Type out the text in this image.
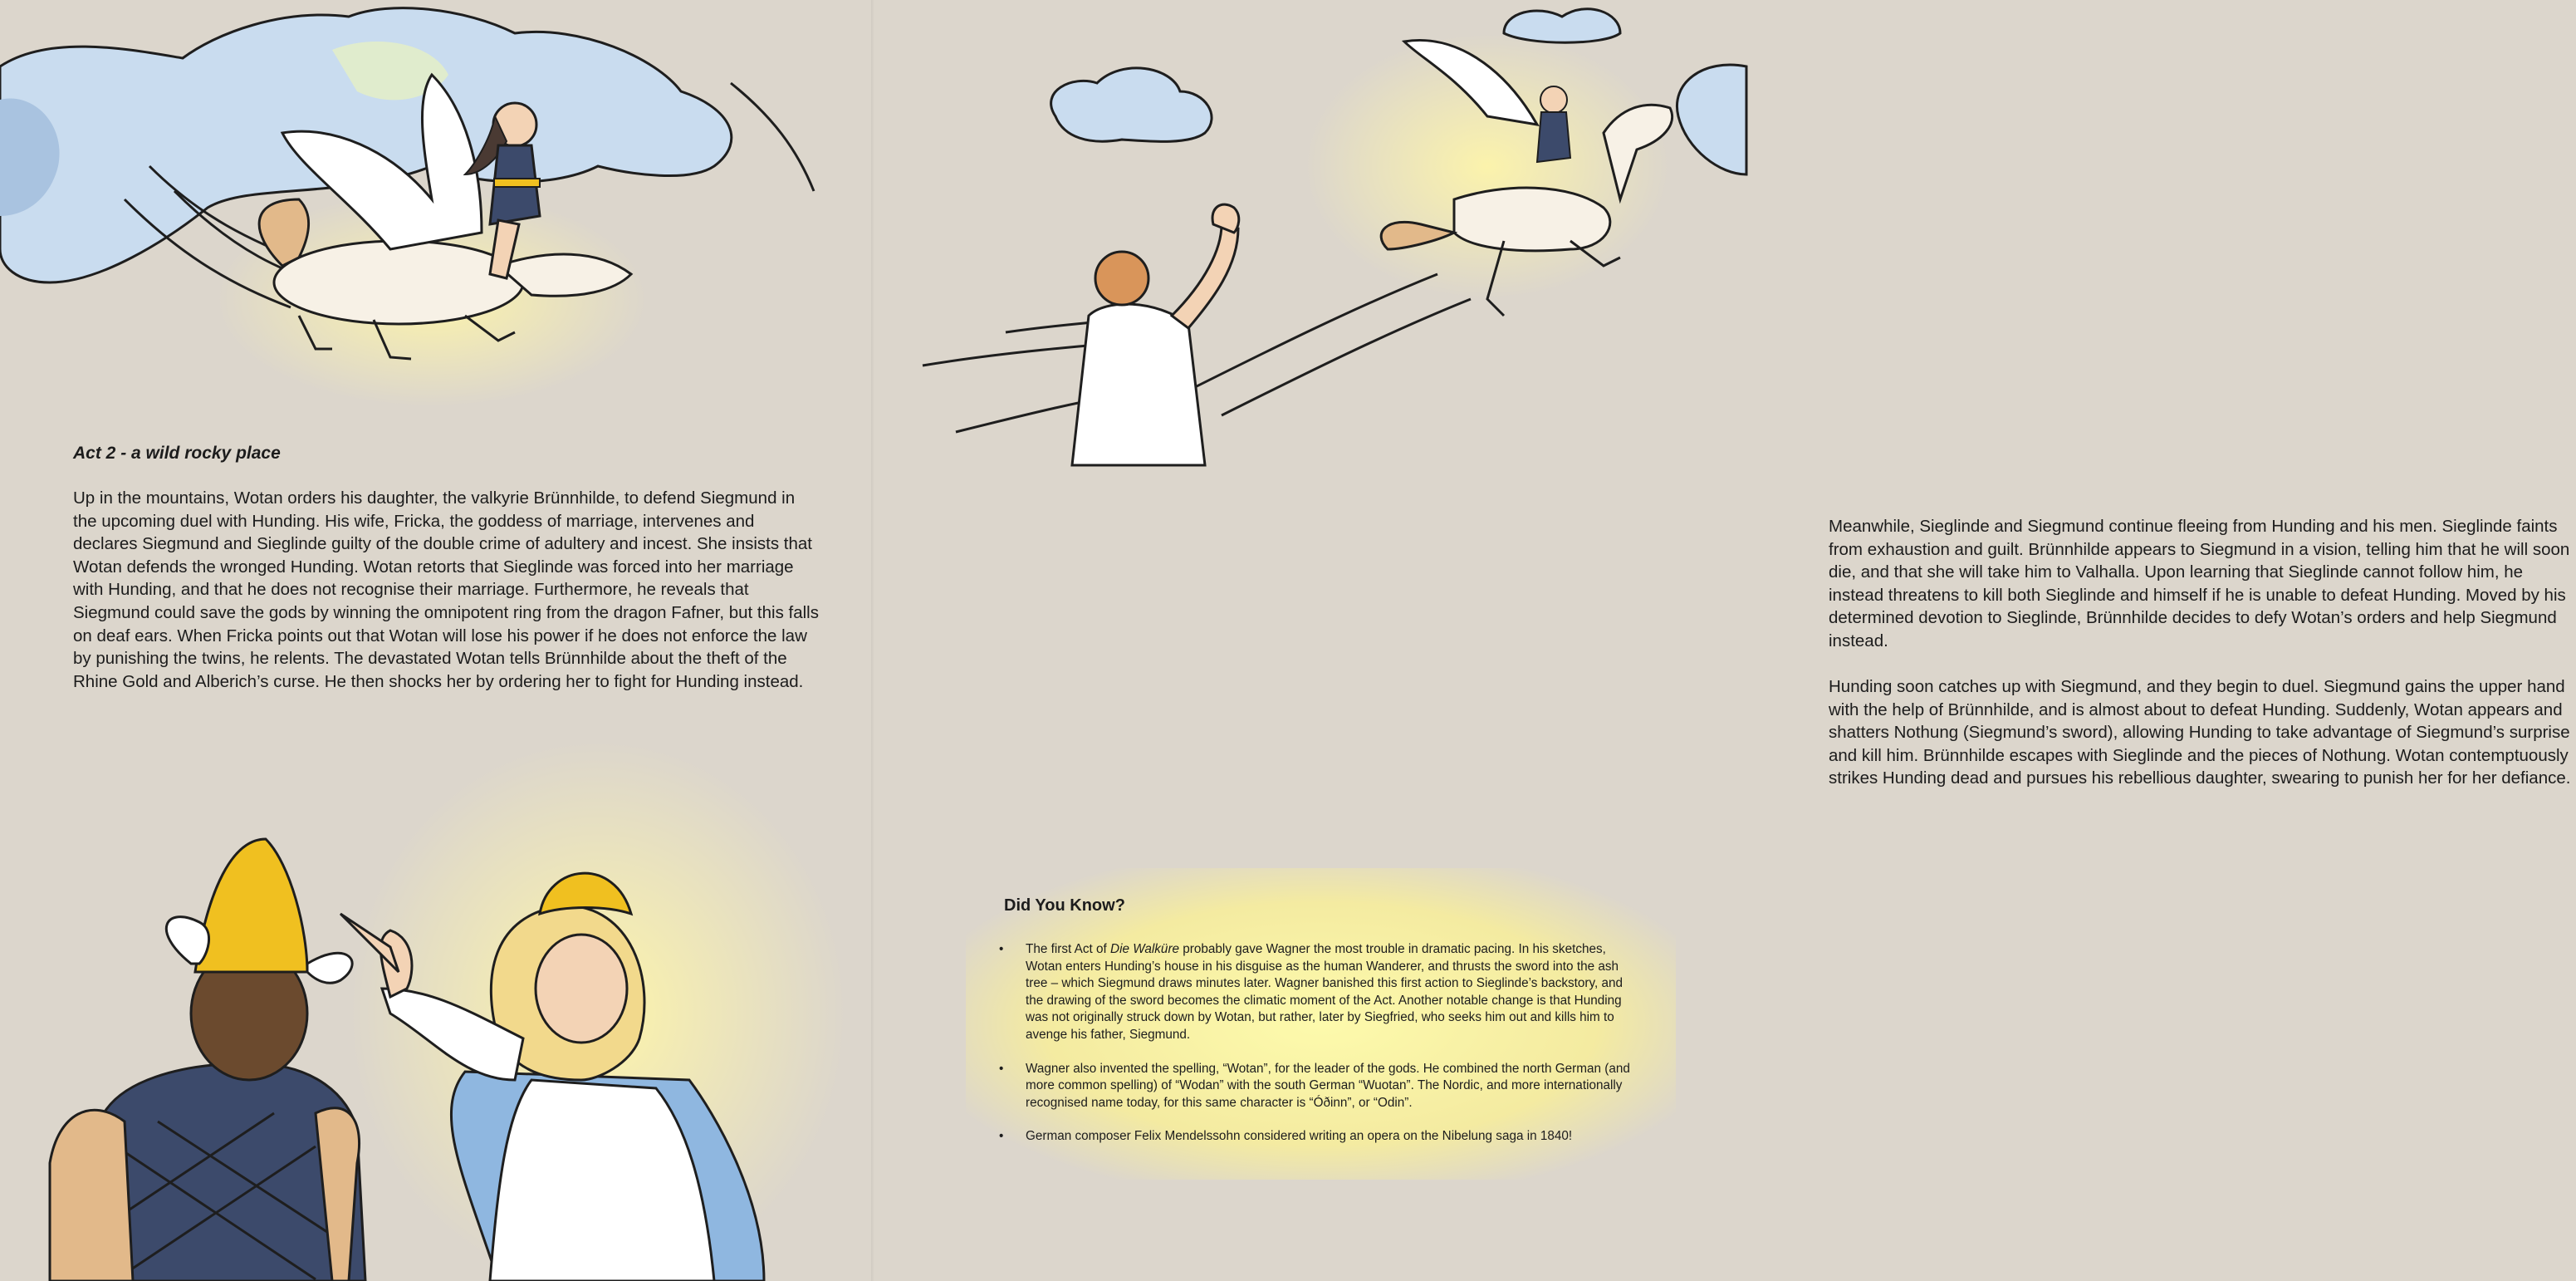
Act 2 - a wild rocky place

Up in the mountains, Wotan orders his daughter, the valkyrie Brünnhilde, to defend Siegmund in the upcoming duel with Hunding. His wife, Fricka, the goddess of marriage, intervenes and declares Siegmund and Sieglinde guilty of the double crime of adultery and incest. She insists that Wotan defends the wronged Hunding. Wotan retorts that Sieglinde was forced into her marriage with Hunding, and that he does not recognise their marriage. Furthermore, he reveals that Siegmund could save the gods by winning the omnipotent ring from the dragon Fafner, but this falls on deaf ears. When Fricka points out that Wotan will lose his power if he does not enforce the law by punishing the twins, he relents. The devastated Wotan tells Brünnhilde about the theft of the Rhine Gold and Alberich’s curse. He then shocks her by ordering her to fight for Hunding instead.

Meanwhile, Sieglinde and Siegmund continue fleeing from Hunding and his men. Sieglinde faints from exhaustion and guilt. Brünnhilde appears to Siegmund in a vision, telling him that he will soon die, and that she will take him to Valhalla. Upon learning that Sieglinde cannot follow him, he instead threatens to kill both Sieglinde and himself if he is unable to defeat Hunding. Moved by his determined devotion to Sieglinde, Brünnhilde decides to defy Wotan’s orders and help Siegmund instead.

Hunding soon catches up with Siegmund, and they begin to duel. Siegmund gains the upper hand with the help of Brünnhilde, and is almost about to defeat Hunding. Suddenly, Wotan appears and shatters Nothung (Siegmund’s sword), allowing Hunding to take advantage of Siegmund’s surprise and kill him. Brünnhilde escapes with Sieglinde and the pieces of Nothung. Wotan contemptuously strikes Hunding dead and pursues his rebellious daughter, swearing to punish her for her defiance.

Did You Know?
• The first Act of Die Walküre probably gave Wagner the most trouble in dramatic pacing. In his sketches, Wotan enters Hunding’s house in his disguise as the human Wanderer, and thrusts the sword into the ash tree – which Siegmund draws minutes later. Wagner banished this first action to Sieglinde’s backstory, and the drawing of the sword becomes the climatic moment of the Act. Another notable change is that Hunding was not originally struck down by Wotan, but rather, later by Siegfried, who seeks him out and kills him to avenge his father, Siegmund.
• Wagner also invented the spelling, “Wotan”, for the leader of the gods. He combined the north German (and more common spelling) of “Wodan” with the south German “Wuotan”. The Nordic, and more internationally recognised name today, for this same character is “Óðinn”, or “Odin”.
• German composer Felix Mendelssohn considered writing an opera on the Nibelung saga in 1840!
